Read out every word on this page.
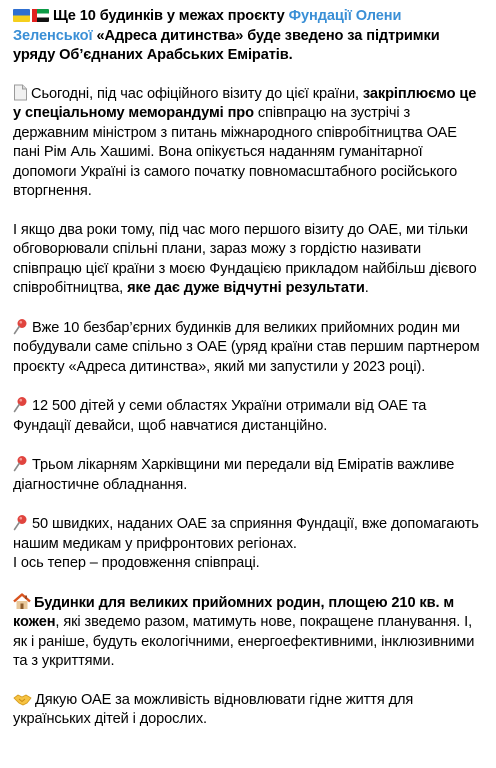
Ще 10 будинків у межах проєкту Фундації Олени Зеленської «Адреса дитинства» буде зведено за підтримки уряду Об’єднаних Арабських Еміратів.

Сьогодні, під час офіційного візиту до цієї країни, закріплюємо це у спеціальному меморандумі про співпрацю на зустрічі з державним міністром з питань міжнародного співробітництва ОАЕ пані Рім Аль Хашимі. Вона опікується наданням гуманітарної допомоги Україні із самого початку повномасштабного російського вторгнення.

І якщо два роки тому, під час мого першого візиту до ОАЕ, ми тільки обговорювали спільні плани, зараз можу з гордістю називати співпрацю цієї країни з моєю Фундацією прикладом найбільш дієвого співробітництва, яке дає дуже відчутні результати.

Вже 10 безбар’єрних будинків для великих прийомних родин ми побудували саме спільно з ОАЕ (уряд країни став першим партнером проєкту «Адреса дитинства», який ми запустили у 2023 році).

12 500 дітей у семи областях України отримали від ОАЕ та Фундації девайси, щоб навчатися дистанційно.

Трьом лікарням Харківщини ми передали від Еміратів важливе діагностичне обладнання.

50 швидких, наданих ОАЕ за сприяння Фундації, вже допомагають нашим медикам у прифронтових регіонах.
І ось тепер – продовження співпраці.

Будинки для великих прийомних родин, площею 210 кв. м кожен, які зведемо разом, матимуть нове, покращене планування. І, як і раніше, будуть екологічними, енергоефективними, інклюзивними та з укриттями.

Дякую ОАЕ за можливість відновлювати гідне життя для українських дітей і дорослих.
